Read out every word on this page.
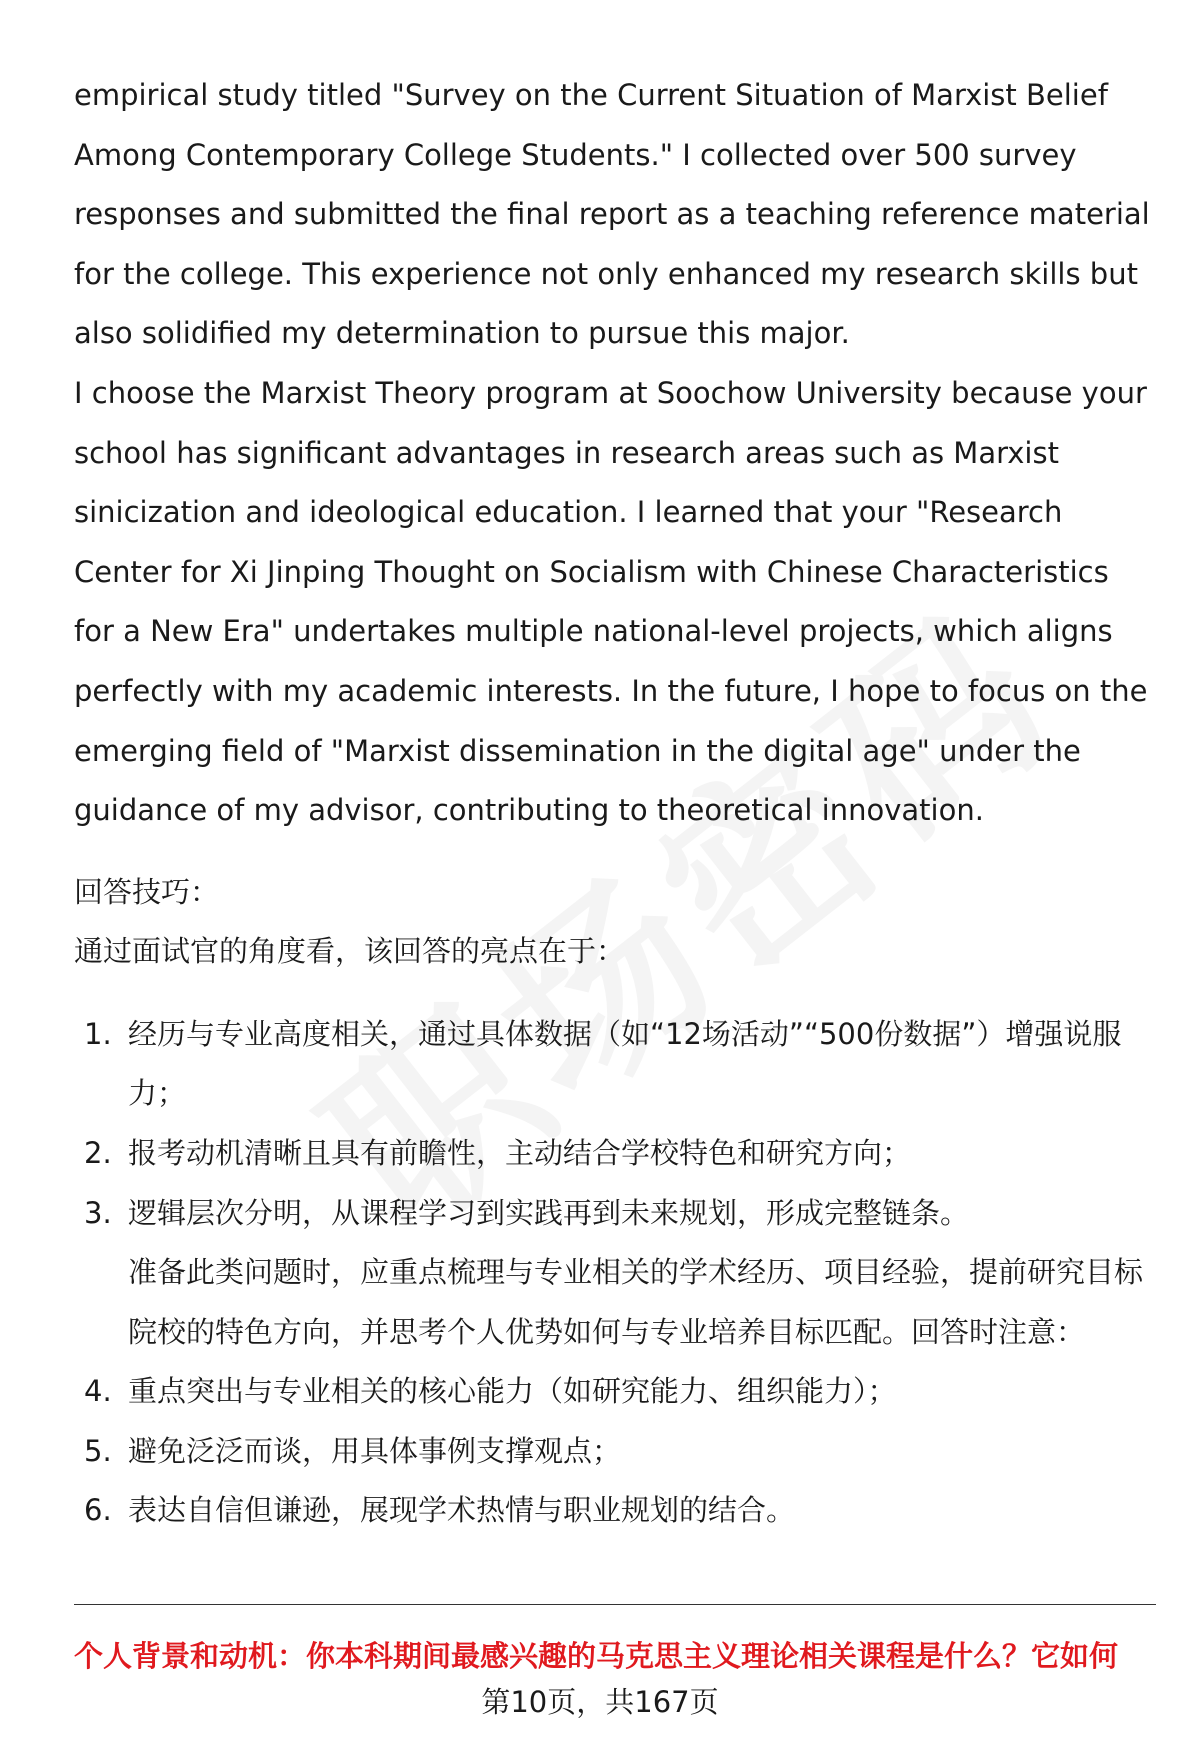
empirical study titled "Survey on the Current Situation of Marxist Belief Among Contemporary College Students." I collected over 500 survey responses and submitted the final report as a teaching reference material for the college. This experience not only enhanced my research skills but also solidified my determination to pursue this major.

I choose the Marxist Theory program at Soochow University because your school has significant advantages in research areas such as Marxist sinicization and ideological education. I learned that your "Research Center for Xi Jinping Thought on Socialism with Chinese Characteristics for a New Era" undertakes multiple national-level projects, which aligns perfectly with my academic interests. In the future, I hope to focus on the emerging field of "Marxist dissemination in the digital age" under the guidance of my advisor, contributing to theoretical innovation.

回答技巧：

通过面试官的角度看，该回答的亮点在于：

1. 经历与专业高度相关，通过具体数据（如“12场活动”“500份数据”）增强说服力；
2. 报考动机清晰且具有前瞻性，主动结合学校特色和研究方向；
3. 逻辑层次分明，从课程学习到实践再到未来规划，形成完整链条。

准备此类问题时，应重点梳理与专业相关的学术经历、项目经验，提前研究目标院校的特色方向，并思考个人优势如何与专业培养目标匹配。回答时注意：

4. 重点突出与专业相关的核心能力（如研究能力、组织能力）；
5. 避免泛泛而谈，用具体事例支撑观点；
6. 表达自信但谦逊，展现学术热情与职业规划的结合。

个人背景和动机：你本科期间最感兴趣的马克思主义理论相关课程是什么？它如何

第10页，共167页
